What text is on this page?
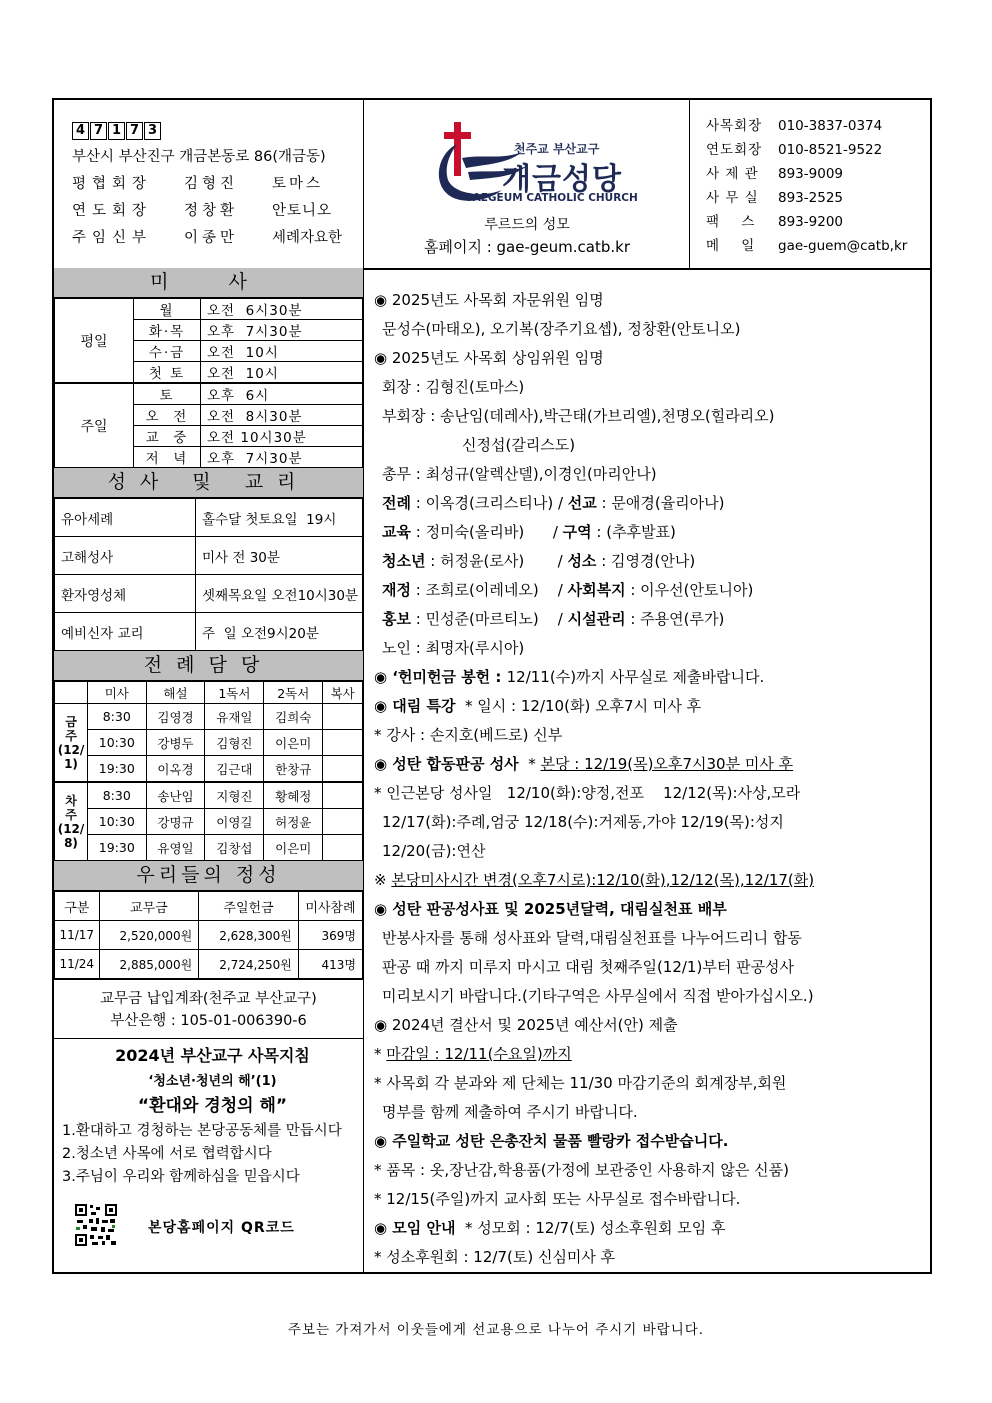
4 7 1 7 3
부산시 부산진구 개금본동로 86(개금동)
평협회장 김형진 토마스
연도회장 정창환 안토니오
주임신부 이종만 세례자요한
천주교 부산교구
개금성당
GAEGEUM CATHOLIC CHURCH
루르드의 성모
홈페이지 : gae-geum.catb.kr
사목회장 010-3837-0374
연도회장 010-8521-9522
사 제 관 893-9009
사 무 실 893-2525
팩    스 893-9200
메    일 gae-guem@catb,kr
미사
평일	월	오전  6시30분
	화·목	오후  7시30분
	수·금	오전  10시
	첫 토	오전  10시
주일	토	오후  6시
	오  전	오전  8시30분
	교  중	오전 10시30분
	저  녁	오후  7시30분
성사 및 교리
유아세례	홀수달 첫토요일  19시
고해성사	미사 전 30분
환자영성체	셋째목요일 오전10시30분
예비신자 교리	주  일 오전9시20분
전례담당
	미사	해설	1독서	2독서	복사
금
주
(12/
1)	8:30	김영경	유재일	김희숙	
	10:30	강병두	김형진	이은미	
	19:30	이옥경	김근대	한창규	
차
주
(12/
8)	8:30	송난임	지형진	황혜정	
	10:30	강명규	이영길	허정윤	
	19:30	유영일	김창섭	이은미	
우리들의 정성
구분	교무금	주일헌금	미사참례
11/17	2,520,000원	2,628,300원	369명
11/24	2,885,000원	2,724,250원	413명
교무금 납입계좌(천주교 부산교구)
부산은행 : 105-01-006390-6
2024년 부산교구 사목지침
‘청소년·청년의 해’(1)
“환대와 경청의 해”
1.환대하고 경청하는 본당공동체를 만듭시다
2.청소년 사목에 서로 협력합시다
3.주님이 우리와 함께하심을 믿읍시다
본당홈페이지 QR코드
◉ 2025년도 사목회 자문위원 임명
문성수(마태오), 오기복(장주기요셉), 정창환(안토니오)
◉ 2025년도 사목회 상임위원 임명
회장 : 김형진(토마스)
부회장 : 송난임(데레사),박근태(가브리엘),천명오(힐라리오)
신정섭(갈리스도)
총무 : 최성규(알렉산델),이경인(마리안나)
전례 : 이옥경(크리스티나) / 선교 : 문애경(율리아나)
교육 : 정미숙(올리바)      / 구역 : (추후발표)
청소년 : 허정윤(로사)       / 성소 : 김영경(안나)
재정 : 조희로(이레네오)    / 사회복지 : 이우선(안토니아)
홍보 : 민성준(마르티노)    / 시설관리 : 주용연(루가)
노인 : 최명자(루시아)
◉ ‘헌미헌금 봉헌 : 12/11(수)까지 사무실로 제출바랍니다.
◉ 대림 특강  * 일시 : 12/10(화) 오후7시 미사 후
* 강사 : 손지호(베드로) 신부
◉ 성탄 합동판공 성사  * 본당 : 12/19(목)오후7시30분 미사 후
* 인근본당 성사일   12/10(화):양정,전포    12/12(목):사상,모라
12/17(화):주례,엄궁 12/18(수):거제동,가야 12/19(목):성지
12/20(금):연산
※ 본당미사시간 변경(오후7시로):12/10(화),12/12(목),12/17(화)
◉ 성탄 판공성사표 및 2025년달력, 대림실천표 배부
반봉사자를 통해 성사표와 달력,대림실천표를 나누어드리니 합동
판공 때 까지 미루지 마시고 대림 첫째주일(12/1)부터 판공성사
미리보시기 바랍니다.(기타구역은 사무실에서 직접 받아가십시오.)
◉ 2024년 결산서 및 2025년 예산서(안) 제출
* 마감일 : 12/11(수요일)까지
* 사목회 각 분과와 제 단체는 11/30 마감기준의 회계장부,회원
명부를 함께 제출하여 주시기 바랍니다.
◉ 주일학교 성탄 은총잔치 물품 빨랑카 접수받습니다.
* 품목 : 옷,장난감,학용품(가정에 보관중인 사용하지 않은 신품)
* 12/15(주일)까지 교사회 또는 사무실로 접수바랍니다.
◉ 모임 안내  * 성모회 : 12/7(토) 성소후원회 모임 후
* 성소후원회 : 12/7(토) 신심미사 후
주보는 가져가서 이웃들에게 선교용으로 나누어 주시기 바랍니다.
